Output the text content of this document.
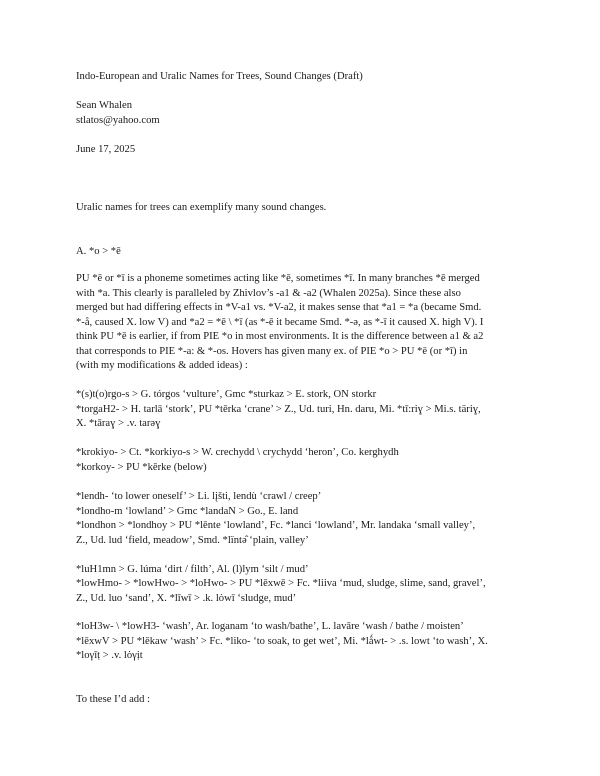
Indo-European and Uralic Names for Trees, Sound Changes (Draft)
Sean Whalen
stlatos@yahoo.com
June 17, 2025
Uralic names for trees can exemplify many sound changes.
A. *o > *ē
PU *ē or *ī is a phoneme sometimes acting like *ē, sometimes *ī. In many branches *ē merged
with *a. This clearly is paralleled by Zhivlov’s -a1 & -a2 (Whalen 2025a). Since these also
merged but had differing effects in *V-a1 vs. *V-a2, it makes sense that *a1 = *a (became Smd.
*-å, caused X. low V) and *a2 = *ē \ *ī (as *-ē it became Smd. *-ə, as *-ī it caused X. high V). I
think PU *ē is earlier, if from PIE *o in most environments. It is the difference between a1 & a2
that corresponds to PIE *-a: & *-os. Hovers has given many ex. of PIE *o > PU *ē (or *ī) in
(with my modifications & added ideas) :
*(s)t(o)rgo-s > G. tórgos ‘vulture’, Gmc *sturkaz > E. stork, ON storkr
*torgaH2- > H. tarlā ‘stork’, PU *tērka ‘crane’ > Z., Ud. turi, Hn. daru, Mi. *tī:riɣ > Mi.s. täriɣ,
X. *tāraɣ > .v. tarəɣ
*krokiyo- > Ct. *korkiyo-s > W. crechydd \ crychydd ‘heron’, Co. kerghydh
*korkoy- > PU *kērke (below)
*lendh- ‘to lower oneself’ > Li. lįšti, lendù ‘crawl / creep’
*londho-m ‘lowland’ > Gmc *landaN > Go., E. land
*londhon > *londhoy > PU *lēnte ‘lowland’, Fc. *lanci ‘lowland’, Mr. landaka ‘small valley’,
Z., Ud. lud ‘field, meadow’, Smd. *lïntə̂ ‘plain, valley’
*luH1mn > G. lúma ‘dirt / filth’, Al. (l)lym ‘silt / mud’
*lowHmo- > *lowHwo- > *loHwo- > PU *lēxwē > Fc. *liiva ‘mud, sludge, slime, sand, gravel’,
Z., Ud. luo ‘sand’, X. *līwī > .k. lȯwī ‘sludge, mud’
*loH3w- \ *lowH3- ‘wash’, Ar. loganam ‘to wash/bathe’, L. lavāre ‘wash / bathe / moisten’
*lēxwV > PU *lēkaw ‘wash’ > Fc. *liko- ‘to soak, to get wet’, Mi. *lǻwt- > .s. lowt ‘to wash’, X.
*loγīṭ > .v. lȯγịt
To these I’d add :
